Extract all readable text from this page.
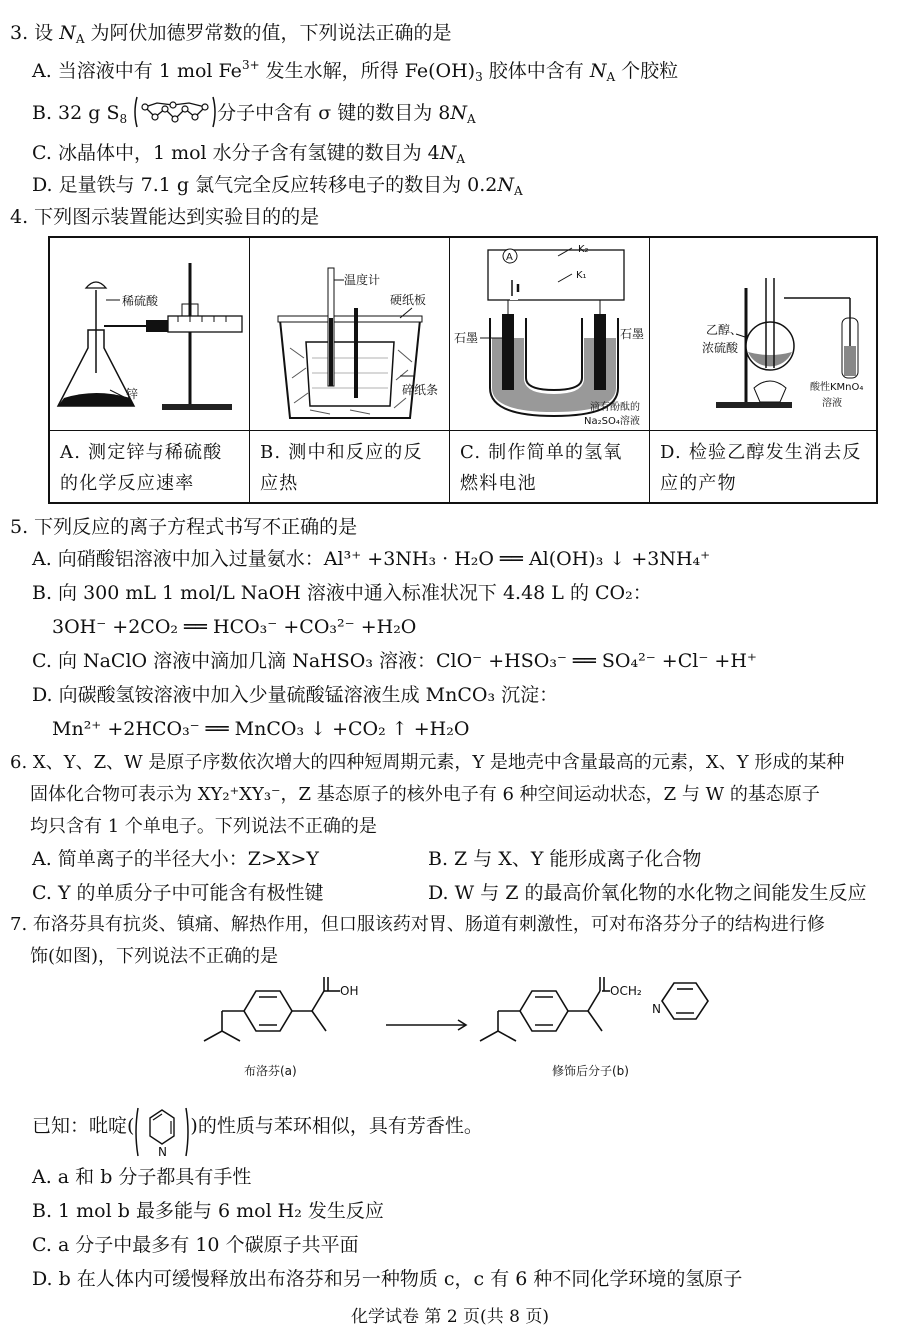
3. 设 $N_A$ 为阿伏加德罗常数的值，下列说法正确的是
A. 当溶液中有 1 mol $Fe^{3+}$ 发生水解，所得 $Fe(OH)_3$ 胶体中含有 $N_A$ 个胶粒
B. 32 g $S_8$	分子中含有 σ 键的数目为 $8N_A$
C. 冰晶体中，1 mol 水分子含有氢键的数目为 $4N_A$
D. 足量铁与 7.1 g 氯气完全反应转移电子的数目为 $0.2N_A$
4. 下列图示装置能达到实验目的的是
稀硫酸
锌
A. 测定锌与稀硫酸的化学反应速率
温度计
硬纸板
碎纸条
B. 测中和反应的反应热
A
K₂
K₁
石墨	石墨
滴有酚酞的
Na₂SO₄溶液
C. 制作简单的氢氧燃料电池
乙醇、
浓硫酸
酸性KMnO₄
溶液
D. 检验乙醇发生消去反应的产物
5. 下列反应的离子方程式书写不正确的是
A. 向硝酸铝溶液中加入过量氨水：Al³⁺ +3NH₃ · H₂O ══ Al(OH)₃ ↓ +3NH₄⁺
B. 向 300 mL 1 mol/L NaOH 溶液中通入标准状况下 4.48 L 的 CO₂：
3OH⁻ +2CO₂ ══ HCO₃⁻ +CO₃²⁻ +H₂O
C. 向 NaClO 溶液中滴加几滴 NaHSO₃ 溶液：ClO⁻ +HSO₃⁻ ══ SO₄²⁻ +Cl⁻ +H⁺
D. 向碳酸氢铵溶液中加入少量硫酸锰溶液生成 MnCO₃ 沉淀：
Mn²⁺ +2HCO₃⁻ ══ MnCO₃ ↓ +CO₂ ↑ +H₂O
6. X、Y、Z、W 是原子序数依次增大的四种短周期元素，Y 是地壳中含量最高的元素，X、Y 形成的某种
固体化合物可表示为 XY₂⁺XY₃⁻，Z 基态原子的核外电子有 6 种空间运动状态，Z 与 W 的基态原子
均只含有 1 个单电子。下列说法不正确的是
A. 简单离子的半径大小：Z>X>Y	B. Z 与 X、Y 能形成离子化合物
C. Y 的单质分子中可能含有极性键	D. W 与 Z 的最高价氧化物的水化物之间能发生反应
7. 布洛芬具有抗炎、镇痛、解热作用，但口服该药对胃、肠道有刺激性，可对布洛芬分子的结构进行修
饰(如图)，下列说法不正确的是
OH	OCH₂
N
布洛芬(a)	修饰后分子(b)
已知：吡啶(
N
)的性质与苯环相似，具有芳香性。
A. a 和 b 分子都具有手性
B. 1 mol b 最多能与 6 mol H₂ 发生反应
C. a 分子中最多有 10 个碳原子共平面
D. b 在人体内可缓慢释放出布洛芬和另一种物质 c，c 有 6 种不同化学环境的氢原子
化学试卷 第 2 页(共 8 页)
